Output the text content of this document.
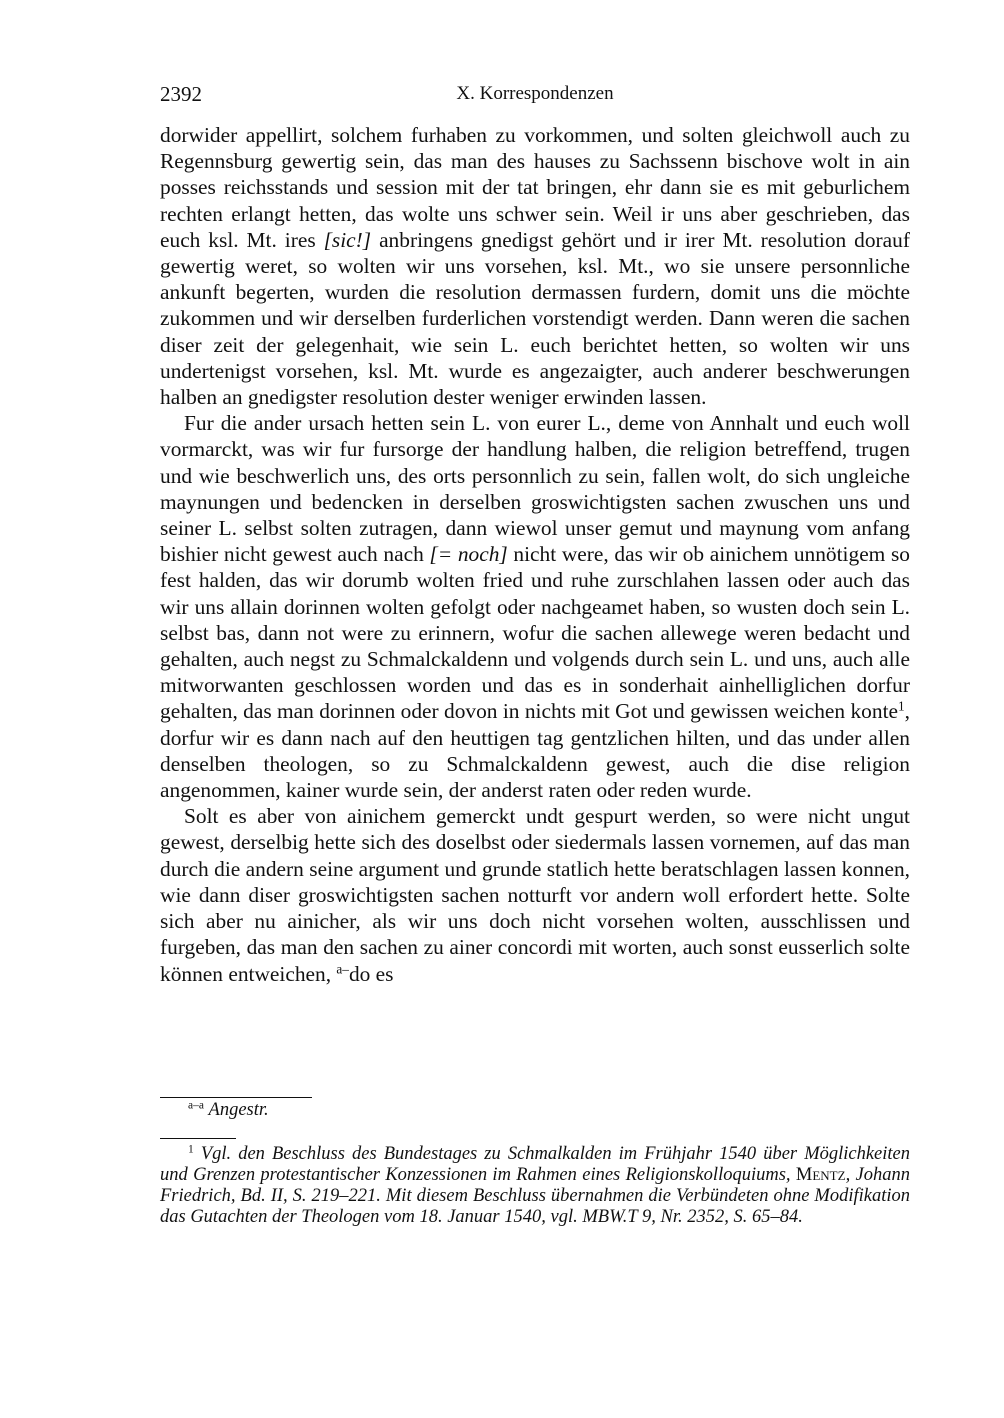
2392	X. Korrespondenzen

dorwider appellirt, solchem furhaben zu vorkommen, und solten gleichwoll auch zu Regennsburg gewertig sein, das man des hauses zu Sachssenn bischove wolt in ain posses reichsstands und session mit der tat bringen, ehr dann sie es mit geburlichem rechten erlangt hetten, das wolte uns schwer sein. Weil ir uns aber geschrieben, das euch ksl. Mt. ires [sic!] anbringens gnedigst gehört und ir irer Mt. resolution dorauf gewertig weret, so wolten wir uns vorsehen, ksl. Mt., wo sie unsere personnliche ankunft begerten, wurden die resolution dermassen furdern, domit uns die möchte zukommen und wir derselben furderlichen vorstendigt werden. Dann weren die sachen diser zeit der gelegenhait, wie sein L. euch berichtet hetten, so wolten wir uns undertenigst vorsehen, ksl. Mt. wurde es angezaigter, auch anderer beschwerungen halben an gnedigster resolution dester weniger erwinden lassen.

Fur die ander ursach hetten sein L. von eurer L., deme von Annhalt und euch woll vormarckt, was wir fur fursorge der handlung halben, die religion betreffend, trugen und wie beschwerlich uns, des orts personnlich zu sein, fallen wolt, do sich ungleiche maynungen und bedencken in derselben groswichtigsten sachen zwuschen uns und seiner L. selbst solten zutragen, dann wiewol unser gemut und maynung vom anfang bishier nicht gewest auch nach [= noch] nicht were, das wir ob ainichem unnötigem so fest halden, das wir dorumb wolten fried und ruhe zurschlahen lassen oder auch das wir uns allain dorinnen wolten gefolgt oder nachgeamet haben, so wusten doch sein L. selbst bas, dann not were zu erinnern, wofur die sachen allewege weren bedacht und gehalten, auch negst zu Schmalckaldenn und volgends durch sein L. und uns, auch alle mitworwanten geschlossen worden und das es in sonderhait ainhelliglichen dorfur gehalten, das man dorinnen oder dovon in nichts mit Got und gewissen weichen konte$^1$, dorfur wir es dann nach auf den heuttigen tag gentzlichen hilten, und das under allen denselben theologen, so zu Schmalckaldenn gewest, auch die dise religion angenommen, kainer wurde sein, der anderst raten oder reden wurde.

Solt es aber von ainichem gemerckt undt gespurt werden, so were nicht ungut gewest, derselbig hette sich des doselbst oder siedermals lassen vornemen, auf das man durch die andern seine argument und grunde statlich hette beratschlagen lassen konnen, wie dann diser groswichtigsten sachen notturft vor andern woll erfordert hette. Solte sich aber nu ainicher, als wir uns doch nicht vorsehen wolten, ausschlissen und furgeben, das man den sachen zu ainer concordi mit worten, auch sonst eusserlich solte können entweichen, $^{a-}$do es

$^{a-a}$ Angestr.

$^1$ Vgl. den Beschluss des Bundestages zu Schmalkalden im Frühjahr 1540 über Möglichkeiten und Grenzen protestantischer Konzessionen im Rahmen eines Religionskolloquiums, Mentz, Johann Friedrich, Bd. II, S. 219–221. Mit diesem Beschluss übernahmen die Verbündeten ohne Modifikation das Gutachten der Theologen vom 18. Januar 1540, vgl. MBW.T 9, Nr. 2352, S. 65–84.
